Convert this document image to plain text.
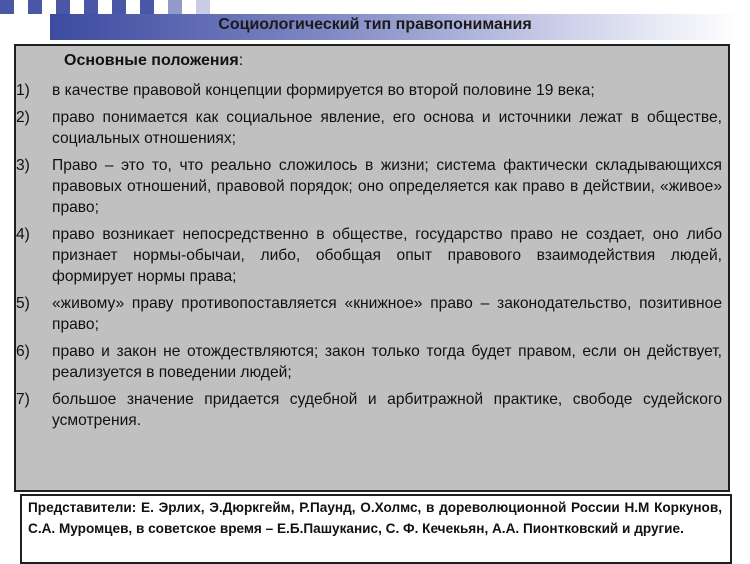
Социологический тип правопонимания
Основные положения:
1)	в качестве правовой концепции формируется во второй половине 19 века;
2)	право понимается как социальное явление, его основа и источники лежат в обществе, социальных отношениях;
3)	Право – это то, что реально сложилось в жизни; система фактически складывающихся правовых отношений, правовой порядок; оно определяется как право в действии, «живое» право;
4)	право возникает непосредственно в обществе, государство право не создает, оно либо признает нормы-обычаи, либо, обобщая опыт правового взаимодействия людей, формирует нормы права;
5)	«живому» праву противопоставляется «книжное» право – законодательство, позитивное право;
6)	право и закон не отождествляются; закон только тогда будет правом, если он действует, реализуется в поведении людей;
7)	большое значение придается судебной и арбитражной практике, свободе судейского усмотрения.
Представители: Е. Эрлих, Э.Дюркгейм, Р.Паунд, О.Холмс, в дореволюционной России Н.М Коркунов, С.А. Муромцев, в советское время – Е.Б.Пашуканис, С. Ф. Кечекьян, А.А. Пионтковский и другие.
